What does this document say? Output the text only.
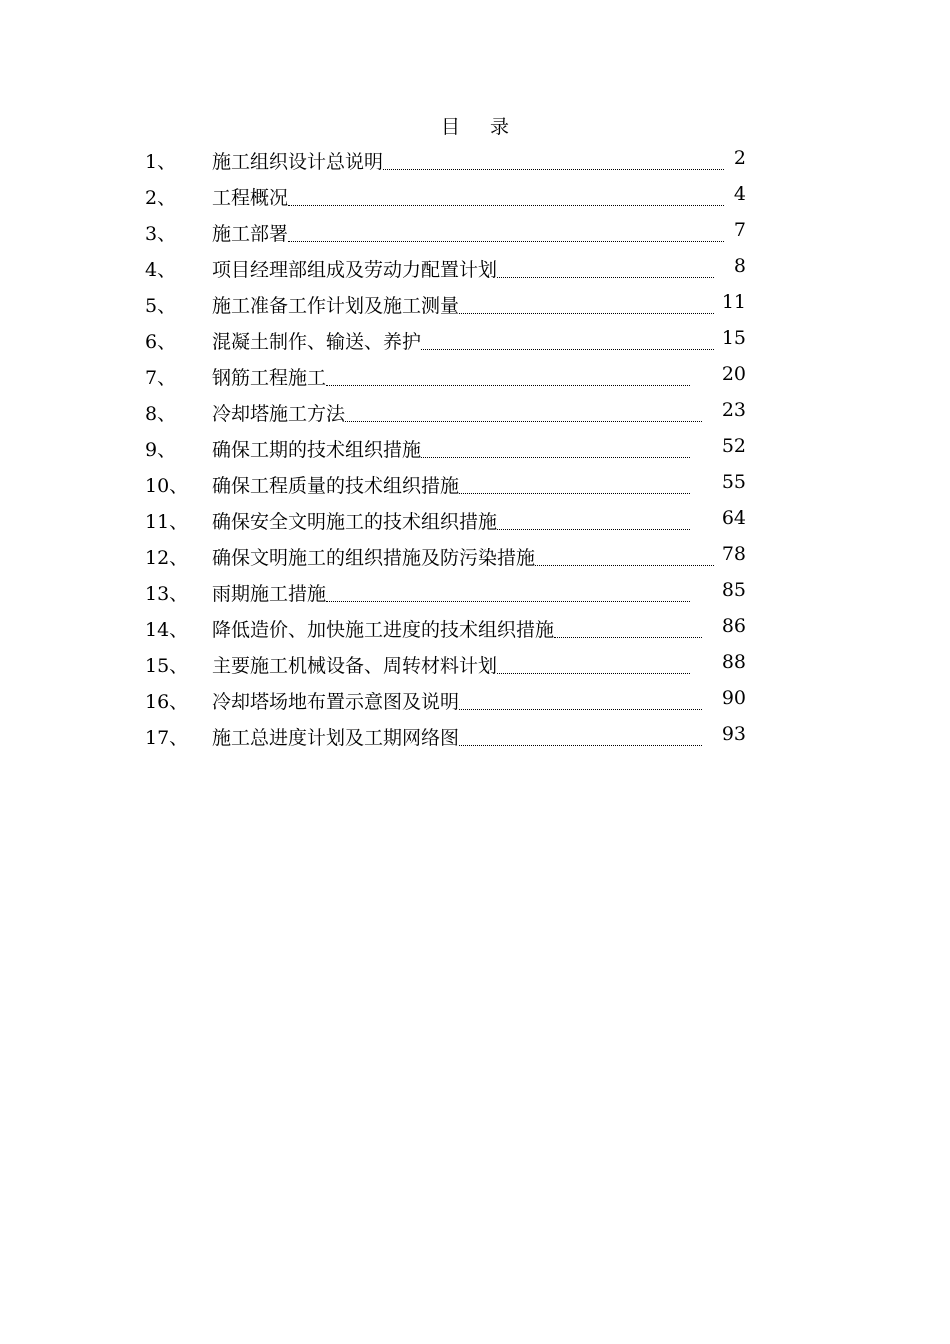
目 录
1、 施工组织设计总说明	2
2、 工程概况	4
3、 施工部署	7
4、 项目经理部组成及劳动力配置计划	8
5、 施工准备工作计划及施工测量	11
6、 混凝土制作、输送、养护	15
7、 钢筋工程施工	20
8、 冷却塔施工方法	23
9、 确保工期的技术组织措施	52
10、 确保工程质量的技术组织措施	55
11、 确保安全文明施工的技术组织措施	64
12、 确保文明施工的组织措施及防污染措施	78
13、 雨期施工措施	85
14、 降低造价、加快施工进度的技术组织措施	86
15、 主要施工机械设备、周转材料计划	88
16、 冷却塔场地布置示意图及说明	90
17、 施工总进度计划及工期网络图	93
